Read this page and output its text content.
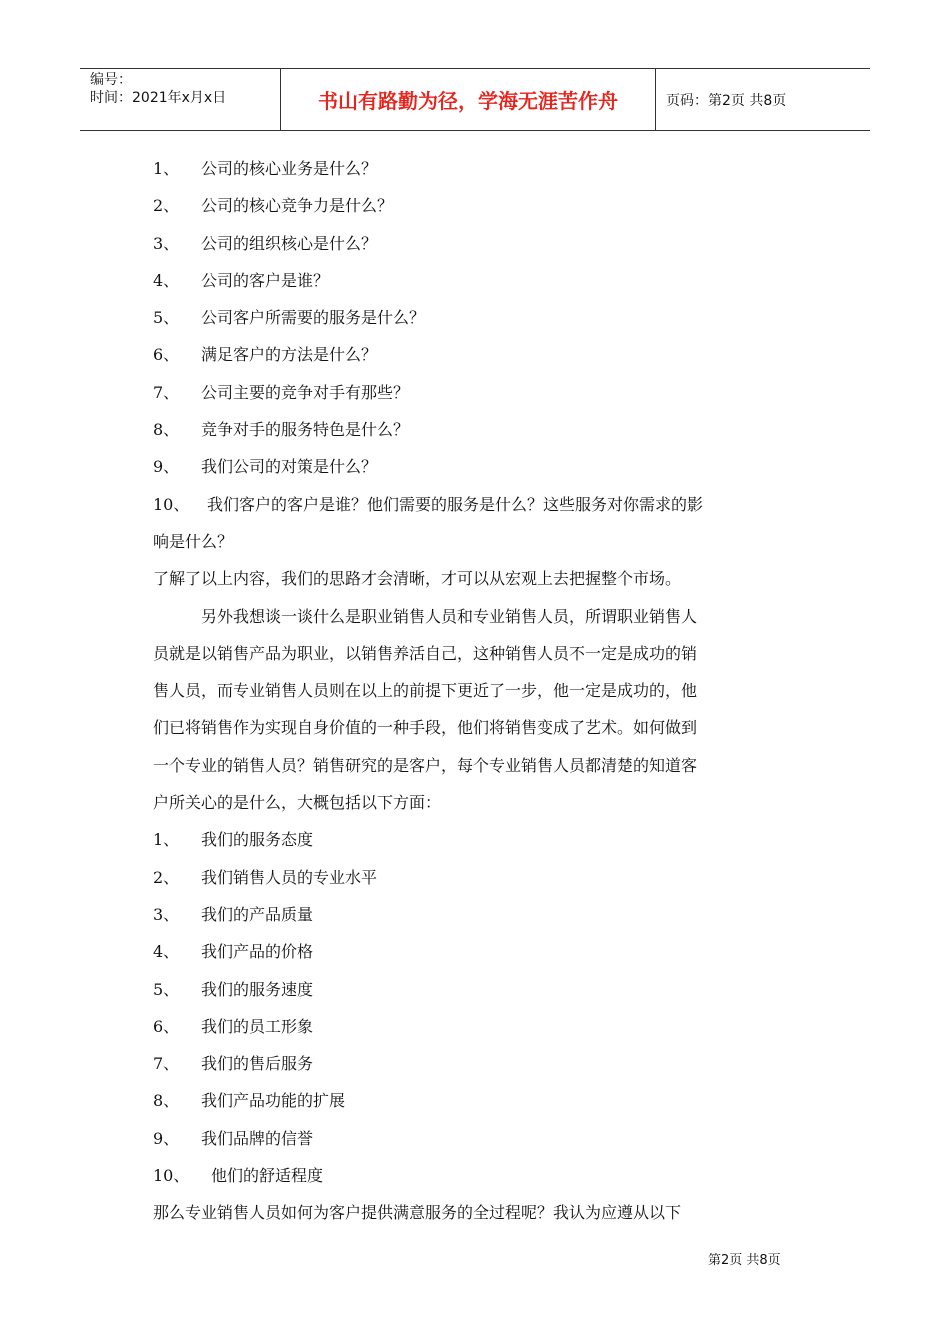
编号：
时间：2021年x月x日	书山有路勤为径，学海无涯苦作舟	页码：第2页 共8页
1、 公司的核心业务是什么？
2、 公司的核心竞争力是什么？
3、 公司的组织核心是什么？
4、 公司的客户是谁？
5、 公司客户所需要的服务是什么？
6、 满足客户的方法是什么？
7、 公司主要的竞争对手有那些？
8、 竞争对手的服务特色是什么？
9、 我们公司的对策是什么？
10、 我们客户的客户是谁？他们需要的服务是什么？这些服务对你需求的影
响是什么？
了解了以上内容，我们的思路才会清晰，才可以从宏观上去把握整个市场。
另外我想谈一谈什么是职业销售人员和专业销售人员，所谓职业销售人
员就是以销售产品为职业，以销售养活自己，这种销售人员不一定是成功的销
售人员，而专业销售人员则在以上的前提下更近了一步，他一定是成功的，他
们已将销售作为实现自身价值的一种手段，他们将销售变成了艺术。如何做到
一个专业的销售人员？销售研究的是客户，每个专业销售人员都清楚的知道客
户所关心的是什么，大概包括以下方面：
1、 我们的服务态度
2、 我们销售人员的专业水平
3、 我们的产品质量
4、 我们产品的价格
5、 我们的服务速度
6、 我们的员工形象
7、 我们的售后服务
8、 我们产品功能的扩展
9、 我们品牌的信誉
10、 他们的舒适程度
那么专业销售人员如何为客户提供满意服务的全过程呢？我认为应遵从以下
第2页 共8页
